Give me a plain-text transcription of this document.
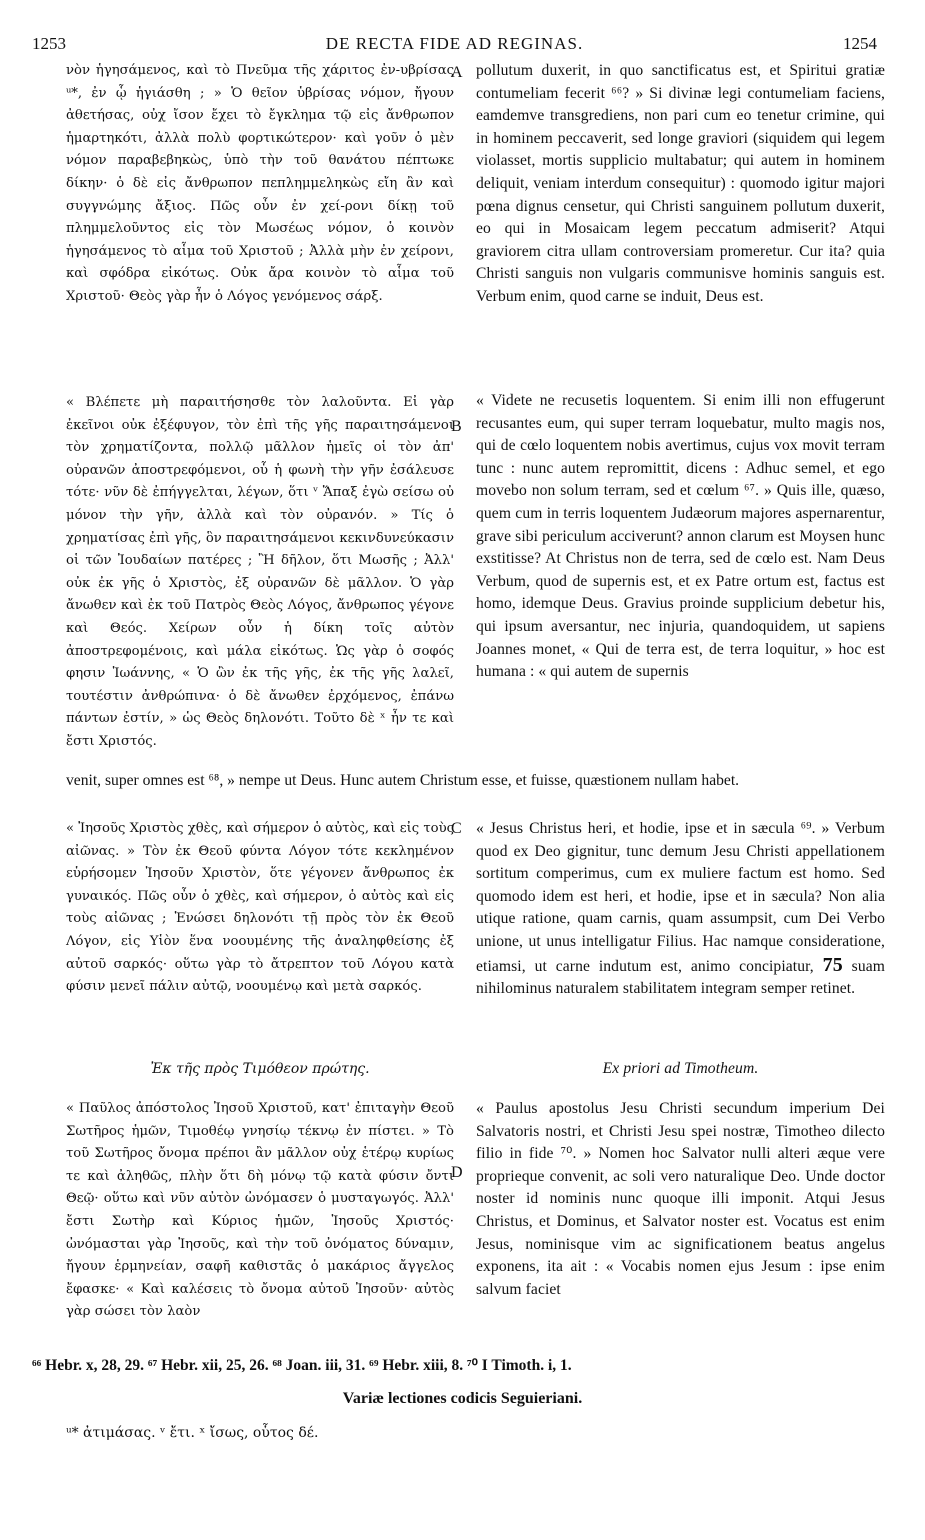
1253	DE RECTA FIDE AD REGINAS.	1254
νὸν ἡγησάμενος, καὶ τὸ Πνεῦμα τῆς χάριτος ἐν-υβρίσας ᵘ*, ἐν ᾧ ἡγιάσθη ; » Ὁ θεῖον ὑβρίσας νόμον, ἤγουν ἀθετήσας, οὐχ ἴσον ἔχει τὸ ἔγκλημα τῷ εἰς ἄνθρωπον ἡμαρτηκότι, ἀλλὰ πολὺ φορτικώτερον· καὶ γοῦν ὁ μὲν νόμον παραβεβηκὼς, ὑπὸ τὴν τοῦ θανάτου πέπτωκε δίκην· ὁ δὲ εἰς ἄνθρωπον πεπλημμεληκὼς εἴη ἂν καὶ συγγνώμης ἄξιος. Πῶς οὖν ἐν χεί-ρονι δίκῃ τοῦ πλημμελοῦντος εἰς τὸν Μωσέως νόμον, ὁ κοινὸν ἡγησάμενος τὸ αἷμα τοῦ Χριστοῦ ; Ἀλλὰ μὴν ἐν χείρονι, καὶ σφόδρα εἰκότως. Οὐκ ἄρα κοινὸν τὸ αἷμα τοῦ Χριστοῦ· Θεὸς γὰρ ἦν ὁ Λόγος γενόμενος σάρξ.
« Βλέπετε μὴ παραιτήσησθε τὸν λαλοῦντα. Εἰ γὰρ ἐκεῖνοι οὐκ ἐξέφυγον, τὸν ἐπὶ τῆς γῆς παραιτησάμενοι τὸν χρηματίζοντα, πολλῷ μᾶλλον ἡμεῖς οἱ τὸν ἀπ' οὐρανῶν ἀποστρεφόμενοι, οὗ ἡ φωνὴ τὴν γῆν ἐσάλευσε τότε· νῦν δὲ ἐπήγγελται, λέγων, ὅτι ᵛ Ἅπαξ ἐγὼ σείσω οὐ μόνον τὴν γῆν, ἀλλὰ καὶ τὸν οὐρανόν. » Τίς ὁ χρηματίσας ἐπὶ γῆς, ὃν παραιτησάμενοι κεκινδυνεύκασιν οἱ τῶν Ἰουδαίων πατέρες ; Ἢ δῆλον, ὅτι Μωσῆς ; Ἀλλ' οὐκ ἐκ γῆς ὁ Χριστὸς, ἐξ οὐρανῶν δὲ μᾶλλον. Ὁ γὰρ ἄνωθεν καὶ ἐκ τοῦ Πατρὸς Θεὸς Λόγος, ἄνθρωπος γέγονε καὶ Θεός. Χείρων οὖν ἡ δίκη τοῖς αὐτὸν ἀποστρεφομένοις, καὶ μάλα εἰκότως. Ὡς γὰρ ὁ σοφός φησιν Ἰωάννης, « Ὁ ὢν ἐκ τῆς γῆς, ἐκ τῆς γῆς λαλεῖ, τουτέστιν ἀνθρώπινα· ὁ δὲ ἄνωθεν ἐρχόμενος, ἐπάνω πάντων ἐστίν, » ὡς Θεὸς δηλονότι. Τοῦτο δὲ ˣ ἦν τε καὶ ἔστι Χριστός.
« Ἰησοῦς Χριστὸς χθὲς, καὶ σήμερον ὁ αὐτὸς, καὶ εἰς τοὺς αἰῶνας. » Τὸν ἐκ Θεοῦ φύντα Λόγον τότε κεκλημένον εὑρήσομεν Ἰησοῦν Χριστὸν, ὅτε γέγονεν ἄνθρωπος ἐκ γυναικός. Πῶς οὖν ὁ χθὲς, καὶ σήμερον, ὁ αὐτὸς καὶ εἰς τοὺς αἰῶνας ; Ἑνώσει δηλονότι τῇ πρὸς τὸν ἐκ Θεοῦ Λόγον, εἰς Υἱὸν ἕνα νοουμένης τῆς ἀναληφθείσης ἐξ αὐτοῦ σαρκός· οὕτω γὰρ τὸ ἄτρεπτον τοῦ Λόγου κατὰ φύσιν μενεῖ πάλιν αὐτῷ, νοουμένῳ καὶ μετὰ σαρκός.
Ἐκ τῆς πρὸς Τιμόθεον πρώτης.
« Παῦλος ἀπόστολος Ἰησοῦ Χριστοῦ, κατ' ἐπιταγὴν Θεοῦ Σωτῆρος ἡμῶν, Τιμοθέῳ γνησίῳ τέκνῳ ἐν πίστει. » Τὸ τοῦ Σωτῆρος ὄνομα πρέποι ἂν μᾶλλον οὐχ ἑτέρῳ κυρίως τε καὶ ἀληθῶς, πλὴν ὅτι δὴ μόνῳ τῷ κατὰ φύσιν ὄντι Θεῷ· οὕτω καὶ νῦν αὐτὸν ὠνόμασεν ὁ μυσταγωγός. Ἀλλ' ἔστι Σωτὴρ καὶ Κύριος ἡμῶν, Ἰησοῦς Χριστός· ὠνόμασται γὰρ Ἰησοῦς, καὶ τὴν τοῦ ὀνόματος δύναμιν, ἤγουν ἑρμηνείαν, σαφῆ καθιστᾶς ὁ μακάριος ἄγγελος ἔφασκε· « Καὶ καλέσεις τὸ ὄνομα αὐτοῦ Ἰησοῦν· αὐτὸς γὰρ σώσει τὸν λαὸν
A
B
C
D
pollutum duxerit, in quo sanctificatus est, et Spiritui gratiæ contumeliam fecerit ⁶⁶? » Si divinæ legi contumeliam faciens, eamdemve transgrediens, non pari cum eo tenetur crimine, qui in hominem peccaverit, sed longe graviori (siquidem qui legem violasset, mortis supplicio multabatur; qui autem in hominem deliquit, veniam interdum consequitur) : quomodo igitur majori pœna dignus censetur, qui Christi sanguinem pollutum duxerit, eo qui in Mosaicam legem peccatum admiserit? Atqui graviorem citra ullam controversiam promeretur. Cur ita? quia Christi sanguis non vulgaris communisve hominis sanguis est. Verbum enim, quod carne se induit, Deus est.
« Videte ne recusetis loquentem. Si enim illi non effugerunt recusantes eum, qui super terram loquebatur, multo magis nos, qui de cœlo loquentem nobis avertimus, cujus vox movit terram tunc : nunc autem repromittit, dicens : Adhuc semel, et ego movebo non solum terram, sed et cœlum ⁶⁷. » Quis ille, quæso, quem cum in terris loquentem Judæorum majores aspernarentur, grave sibi periculum acciverunt? annon clarum est Moysen hunc exstitisse? At Christus non de terra, sed de cœlo est. Nam Deus Verbum, quod de supernis est, et ex Patre ortum est, factus est homo, idemque Deus. Gravius proinde supplicium debetur his, qui ipsum aversantur, nec injuria, quandoquidem, ut sapiens Joannes monet, « Qui de terra est, de terra loquitur, » hoc est humana : « qui autem de supernis
venit, super omnes est ⁶⁸, » nempe ut Deus. Hunc autem Christum esse, et fuisse, quæstionem nullam habet.
« Jesus Christus heri, et hodie, ipse et in sæcula ⁶⁹. » Verbum quod ex Deo gignitur, tunc demum Jesu Christi appellationem sortitum comperimus, cum ex muliere factum est homo. Sed quomodo idem est heri, et hodie, ipse et in sæcula? Non alia utique ratione, quam carnis, quam assumpsit, cum Dei Verbo unione, ut unus intelligatur Filius. Hac namque consideratione, etiamsi, ut carne indutum est, animo concipiatur, 75 suam nihilominus naturalem stabilitatem integram semper retinet.
Ex priori ad Timotheum.
« Paulus apostolus Jesu Christi secundum imperium Dei Salvatoris nostri, et Christi Jesu spei nostræ, Timotheo dilecto filio in fide ⁷⁰. » Nomen hoc Salvator nulli alteri æque vere proprieque convenit, ac soli vero naturalique Deo. Unde doctor noster id nominis nunc quoque illi imponit. Atqui Jesus Christus, et Dominus, et Salvator noster est. Vocatus est enim Jesus, nominisque vim ac significationem beatus angelus exponens, ita ait : « Vocabis nomen ejus Jesum : ipse enim salvum faciet
⁶⁶ Hebr. x, 28, 29. ⁶⁷ Hebr. xii, 25, 26. ⁶⁸ Joan. iii, 31. ⁶⁹ Hebr. xiii, 8. ⁷⁰ I Timoth. i, 1.
Variæ lectiones codicis Seguieriani.
ᵘ* ἀτιμάσας. ᵛ ἔτι. ˣ ἴσως, οὗτος δέ.
